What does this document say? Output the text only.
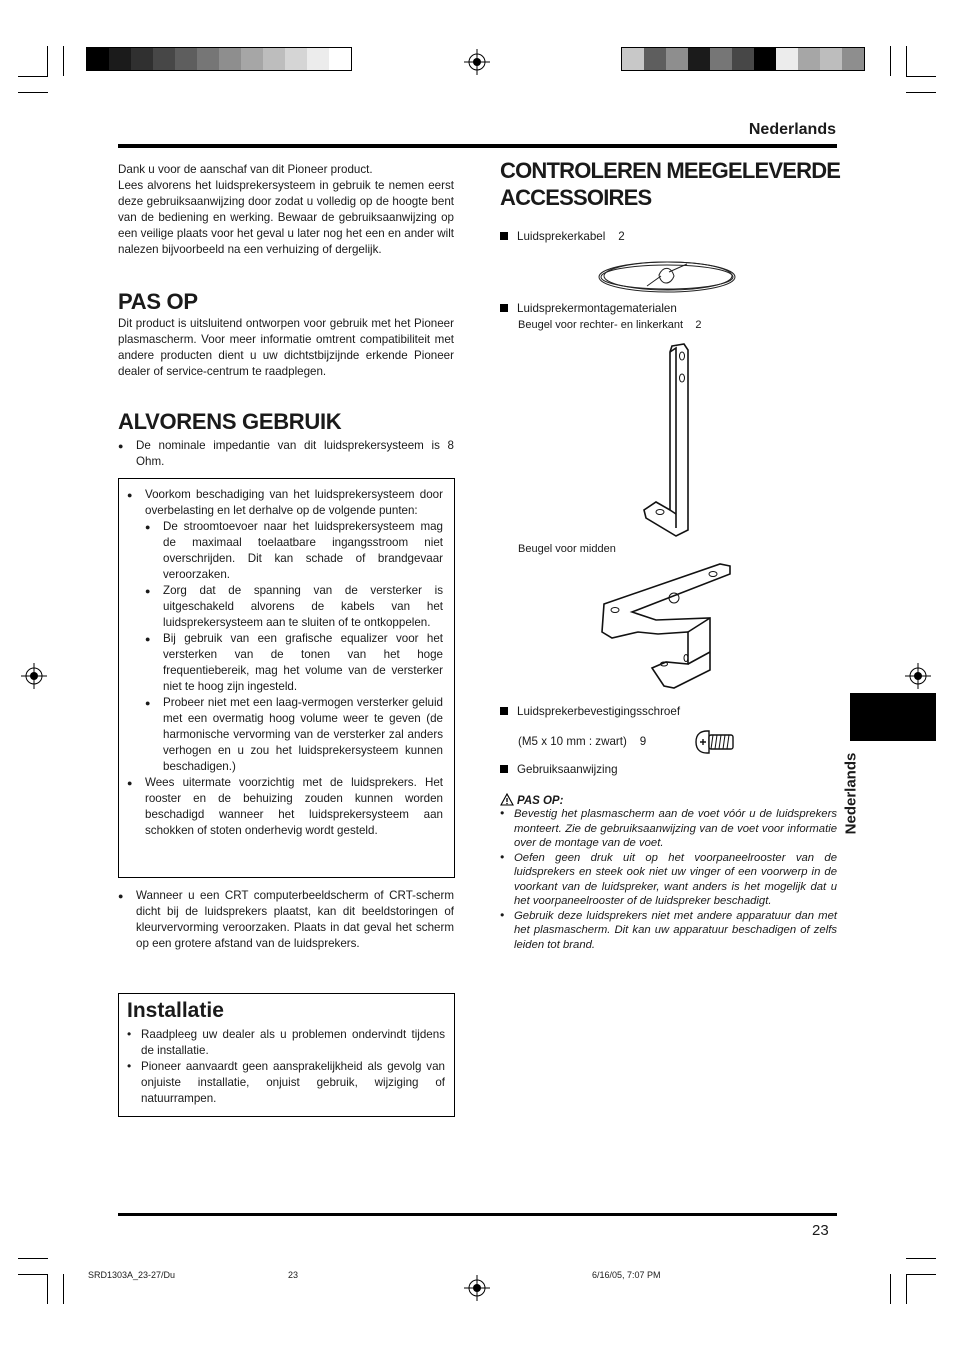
Nederlands
Dank u voor de aanschaf van dit Pioneer product.
Lees alvorens het luidsprekersysteem in gebruik te nemen eerst deze gebruiksaanwijzing door zodat u volledig op de hoogte bent van de bediening en werking. Bewaar de gebruiksaanwijzing op een veilige plaats voor het geval u later nog het een en ander wilt nalezen bijvoorbeeld na een verhuizing of dergelijk.
PAS OP
Dit product is uitsluitend ontworpen voor gebruik met het Pioneer plasmascherm. Voor meer informatie omtrent compatibiliteit met andere producten dient u uw dichtstbijzijnde erkende Pioneer dealer of service-centrum te raadplegen.
ALVORENS GEBRUIK
● De nominale impedantie van dit luidsprekersysteem is 8 Ohm.
● Voorkom beschadiging van het luidsprekersysteem door overbelasting en let derhalve op de volgende punten:
● De stroomtoevoer naar het luidsprekersysteem mag de maximaal toelaatbare ingangsstroom niet overschrijden. Dit kan schade of brandgevaar veroorzaken.
● Zorg dat de spanning van de versterker is uitgeschakeld alvorens de kabels van het luidsprekersysteem aan te sluiten of te ontkoppelen.
● Bij gebruik van een grafische equalizer voor het versterken van de tonen van het hoge frequentiebereik, mag het volume van de versterker niet te hoog zijn ingesteld.
● Probeer niet met een laag-vermogen versterker geluid met een overmatig hoog volume weer te geven (de harmonische vervorming van de versterker zal anders verhogen en u zou het luidsprekersysteem kunnen beschadigen.)
● Wees uitermate voorzichtig met de luidsprekers. Het rooster en de behuizing zouden kunnen worden beschadigd wanneer het luidsprekersysteem aan schokken of stoten onderhevig wordt gesteld.
● Wanneer u een CRT computerbeeldscherm of CRT-scherm dicht bij de luidsprekers plaatst, kan dit beeldstoringen of kleurvervorming veroorzaken. Plaats in dat geval het scherm op een grotere afstand van de luidsprekers.
Installatie
• Raadpleeg uw dealer als u problemen ondervindt tijdens de installatie.
• Pioneer aanvaardt geen aansprakelijkheid als gevolg van onjuiste installatie, onjuist gebruik, wijziging of natuurrampen.
CONTROLEREN MEEGELEVERDE
ACCESSOIRES
Luidsprekerkabel 2
Luidsprekermontagematerialen
Beugel voor rechter- en linkerkant 2
Beugel voor midden
Luidsprekerbevestigingsschroef
(M5 x 10 mm : zwart) 9
Gebruiksaanwijzing
PAS OP:
• Bevestig het plasmascherm aan de voet vóór u de luidsprekers monteert. Zie de gebruiksaanwijzing van de voet voor informatie over de montage van de voet.
• Oefen geen druk uit op het voorpaneelrooster van de luidsprekers en steek ook niet uw vinger of een voorwerp in de voorkant van de luidspreker, want anders is het mogelijk dat u het voorpaneelrooster of de luidspreker beschadigt.
• Gebruik deze luidsprekers niet met andere apparatuur dan met het plasmascherm. Dit kan uw apparatuur beschadigen of zelfs leiden tot brand.
Nederlands
23
SRD1303A_23-27/Du	23	6/16/05, 7:07 PM
